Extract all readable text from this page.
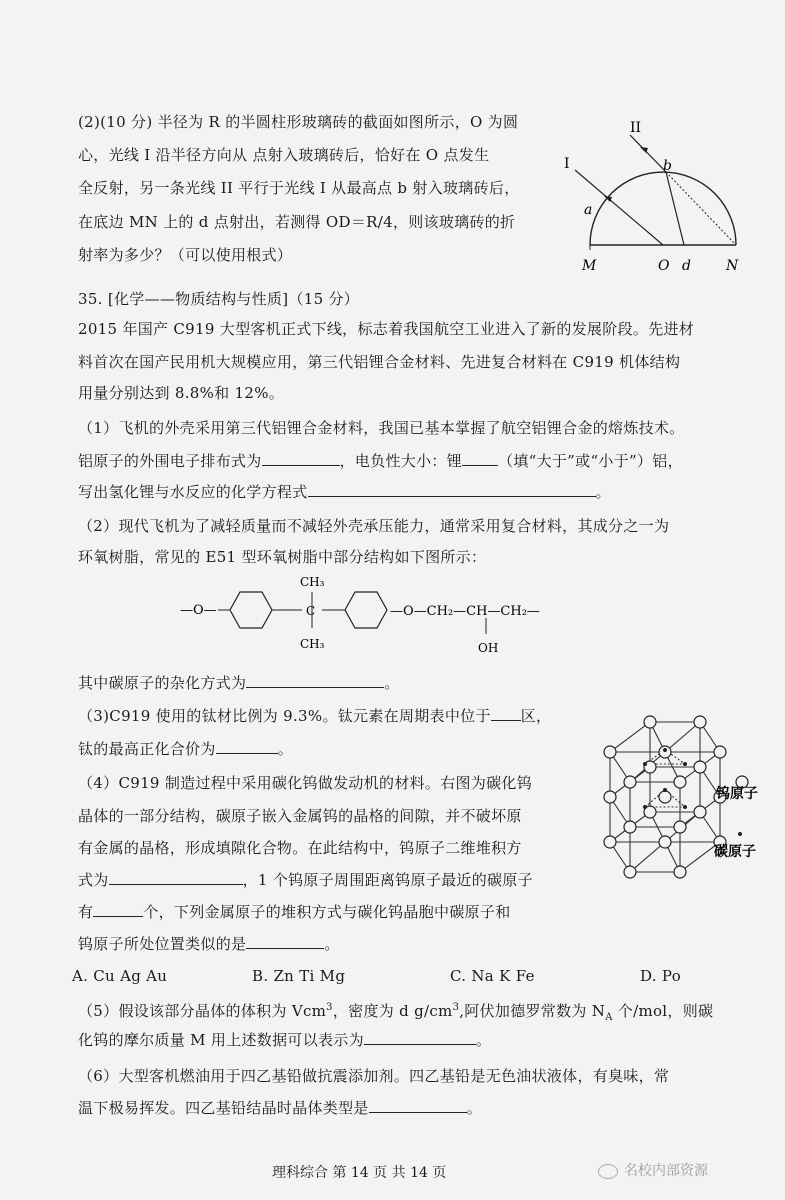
(2)(10 分) 半径为 R 的半圆柱形玻璃砖的截面如图所示，O 为圆
心，光线 I 沿半径方向从 点射入玻璃砖后，恰好在 O 点发生
全反射，另一条光线 II 平行于光线 I 从最高点 b 射入玻璃砖后，
在底边 MN 上的 d 点射出，若测得 OD＝R/4，则该玻璃砖的折
射率为多少？（可以使用根式）
II
I
a
b
M	O d	N
35. [化学——物质结构与性质]（15 分）
2015 年国产 C919 大型客机正式下线，标志着我国航空工业进入了新的发展阶段。先进材
料首次在国产民用机大规模应用，第三代铝锂合金材料、先进复合材料在 C919 机体结构
用量分别达到 8.8%和 12%。
（1）飞机的外壳采用第三代铝锂合金材料，我国已基本掌握了航空铝锂合金的熔炼技术。
铝原子的外围电子排布式为	，电负性大小：锂 （填“大于”或“小于”）铝，
写出氢化锂与水反应的化学方程式	。
（2）现代飞机为了减轻质量而不减轻外壳承压能力，通常采用复合材料，其成分之一为
环氧树脂，常见的 E51 型环氧树脂中部分结构如下图所示：
—O—	C
CH₃
CH₃
—O—CH₂—CH—CH₂—
OH
其中碳原子的杂化方式为	。
（3)C919 使用的钛材比例为 9.3%。钛元素在周期表中位于 区，
钛的最高正化合价为	。
（4）C919 制造过程中采用碳化钨做发动机的材料。右图为碳化钨
晶体的一部分结构，碳原子嵌入金属钨的晶格的间隙，并不破坏原
有金属的晶格，形成填隙化合物。在此结构中，钨原子二维堆积方
式为	，1 个钨原子周围距离钨原子最近的碳原子
有	个，下列金属原子的堆积方式与碳化钨晶胞中碳原子和
钨原子所处位置类似的是	。
钨原子
碳原子
A. Cu Ag Au	B. Zn Ti Mg	C. Na K Fe	D. Po
（5）假设该部分晶体的体积为 Vcm$^3$，密度为 d $g/cm^3$,阿伏加德罗常数为 $N_A$ 个/mol，则碳
化钨的摩尔质量 M 用上述数据可以表示为	。
（6）大型客机燃油用于四乙基铅做抗震添加剂。四乙基铅是无色油状液体，有臭味，常
温下极易挥发。四乙基铅结晶时晶体类型是	。
理科综合 第 14 页 共 14 页	名校内部资源
